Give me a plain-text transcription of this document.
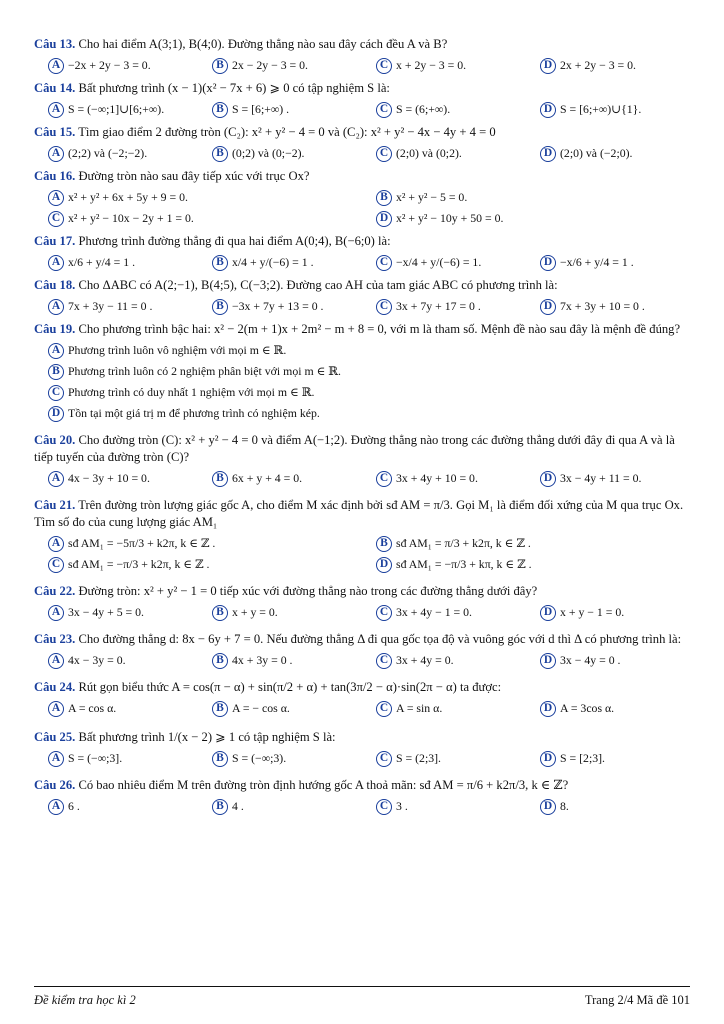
Câu 13. Cho hai điểm A(3;1), B(4;0). Đường thẳng nào sau đây cách đều A và B?
A −2x + 2y − 3 = 0.	B 2x − 2y − 3 = 0.	C x + 2y − 3 = 0.	D 2x + 2y − 3 = 0.
Câu 14. Bất phương trình (x − 1)(x² − 7x + 6) ⩾ 0 có tập nghiệm S là:
A S = (−∞;1]∪[6;+∞).	B S = [6;+∞) .	C S = (6;+∞).	D S = [6;+∞)∪{1}.
Câu 15. Tìm giao điểm 2 đường tròn (C₂): x² + y² − 4 = 0 và (C₂): x² + y² − 4x − 4y + 4 = 0
A (2;2) và (−2;−2).	B (0;2) và (0;−2).	C (2;0) và (0;2).	D (2;0) và (−2;0).
Câu 16. Đường tròn nào sau đây tiếp xúc với trục Ox?
A x² + y² + 6x + 5y + 9 = 0.	B x² + y² − 5 = 0.
C x² + y² − 10x − 2y + 1 = 0.	D x² + y² − 10y + 50 = 0.
Câu 17. Phương trình đường thẳng đi qua hai điểm A(0;4), B(−6;0) là:
A x/6 + y/4 = 1 .	B x/4 + y/(−6) = 1 .	C −x/4 + y/(−6) = 1.	D −x/6 + y/4 = 1 .
Câu 18. Cho ΔABC có A(2;−1), B(4;5), C(−3;2). Đường cao AH của tam giác ABC có phương trình là:
A 7x + 3y − 11 = 0 .	B −3x + 7y + 13 = 0 .	C 3x + 7y + 17 = 0 .	D 7x + 3y + 10 = 0 .
Câu 19. Cho phương trình bậc hai: x² − 2(m + 1)x + 2m² − m + 8 = 0, với m là tham số. Mệnh đề nào sau đây là mệnh đề đúng?
A Phương trình luôn vô nghiệm với mọi m ∈ ℝ.
B Phương trình luôn có 2 nghiệm phân biệt với mọi m ∈ ℝ.
C Phương trình có duy nhất 1 nghiệm với mọi m ∈ ℝ.
D Tồn tại một giá trị m để phương trình có nghiệm kép.
Câu 20. Cho đường tròn (C): x² + y² − 4 = 0 và điểm A(−1;2). Đường thẳng nào trong các đường thẳng dưới đây đi qua A và là tiếp tuyến của đường tròn (C)?
A 4x − 3y + 10 = 0.	B 6x + y + 4 = 0.	C 3x + 4y + 10 = 0.	D 3x − 4y + 11 = 0.
Câu 21. Trên đường tròn lượng giác gốc A, cho điểm M xác định bởi sđ AM = π/3. Gọi M₁ là điểm đối xứng của M qua trục Ox. Tìm số đo của cung lượng giác AM₁
A sđ AM₁ = −5π/3 + k2π, k ∈ ℤ .	B sđ AM₁ = π/3 + k2π, k ∈ ℤ .
C sđ AM₁ = −π/3 + k2π, k ∈ ℤ .	D sđ AM₁ = −π/3 + kπ, k ∈ ℤ .
Câu 22. Đường tròn: x² + y² − 1 = 0 tiếp xúc với đường thẳng nào trong các đường thẳng dưới đây?
A 3x − 4y + 5 = 0.	B x + y = 0.	C 3x + 4y − 1 = 0.	D x + y − 1 = 0.
Câu 23. Cho đường thẳng d: 8x − 6y + 7 = 0. Nếu đường thẳng Δ đi qua gốc tọa độ và vuông góc với d thì Δ có phương trình là:
A 4x − 3y = 0.	B 4x + 3y = 0 .	C 3x + 4y = 0.	D 3x − 4y = 0 .
Câu 24. Rút gọn biểu thức A = cos(π − α) + sin(π/2 + α) + tan(3π/2 − α)·sin(2π − α) ta được:
A A = cos α.	B A = − cos α.	C A = sin α.	D A = 3cos α.
Câu 25. Bất phương trình 1/(x − 2) ⩾ 1 có tập nghiệm S là:
A S = (−∞;3].	B S = (−∞;3).	C S = (2;3].	D S = [2;3].
Câu 26. Có bao nhiêu điểm M trên đường tròn định hướng gốc A thoả mãn: sđ AM = π/6 + k2π/3, k ∈ ℤ?
A 6 .	B 4 .	C 3 .	D 8.
Đề kiểm tra học kì 2	Trang 2/4 Mã đề 101
